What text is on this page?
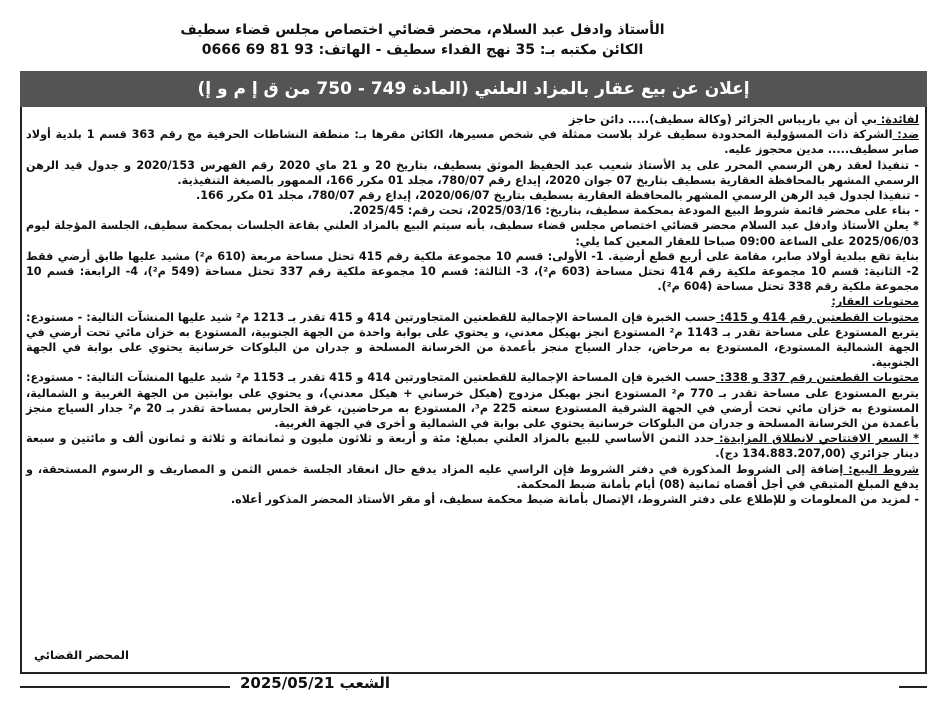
الأستاذ وادفل عبد السلام، محضر قضائي اختصاص مجلس قضاء سطيف
الكائن مكتبه بـ: 35 نهج الفداء سطيف - الهاتف: 93 81 69 0666
إعلان عن بيع عقار بالمزاد العلني (المادة 749 - 750 من ق إ م و إ)

لفائدة: بي أن بي باريباس الجزائر (وكالة سطيف)..... دائن حاجز

ضد: الشركة ذات المسؤولية المحدودة سطيف غرلد بلاست ممثلة في شخص مسيرها، الكائن مقرها بـ: منطقة النشاطات الحرفية مج رقم 363 قسم 1 بلدية أولاد صابر سطيف..... مدين محجوز عليه.

- تنفيذا لعقد رهن الرسمي المحرر على يد الأستاذ شعيب عبد الحفيظ الموثق بسطيف، بتاريخ 20 و 21 ماي 2020 رقم الفهرس 2020/153 و جدول قيد الرهن الرسمي المشهر بالمحافظة العقارية بسطيف بتاريخ 07 جوان 2020، إيداع رقم 780/07، مجلد 01 مكرر 166، الممهور بالصيغة التنفيذية.

- تنفيذا لجدول قيد الرهن الرسمي المشهر بالمحافظة العقارية بسطيف بتاريخ 2020/06/07، إيداع رقم 780/07، مجلد 01 مكرر 166.

- بناء على محضر قائمة شروط البيع المودعة بمحكمة سطيف، بتاريخ: 2025/03/16، تحت رقم: 2025/45.

* يعلن الأستاذ وادفل عبد السلام محضر قضائي اختصاص مجلس قضاء سطيف، بأنه سيتم البيع بالمزاد العلني بقاعة الجلسات بمحكمة سطيف، الجلسة المؤجلة ليوم 2025/06/03 على الساعة 09:00 صباحا للعقار المعين كما يلي:

بناية تقع ببلدية أولاد صابر، مقامة على أربع قطع أرضية. 1- الأولى: قسم 10 مجموعة ملكية رقم 415 تحتل مساحة مربعة (610 م²) مشيد عليها طابق أرضي فقط 2- الثانية: قسم 10 مجموعة ملكية رقم 414 تحتل مساحة (603 م²)، 3- الثالثة: قسم 10 مجموعة ملكية رقم 337 تحتل مساحة (549 م²)، 4- الرابعة: قسم 10 مجموعة ملكية رقم 338 تحتل مساحة (604 م²).

محتويات العقار:

محتويات القطعتين رقم 414 و 415: حسب الخبرة فإن المساحة الإجمالية للقطعتين المتجاورتين 414 و 415 تقدر بـ 1213 م² شيد عليها المنشآت التالية: - مستودع: يتربع المستودع على مساحة تقدر بـ 1143 م² المستودع انجز بهيكل معدني، و يحتوي على بوابة واحدة من الجهة الجنوبية، المستودع به خزان مائي تحت أرضي في الجهة الشمالية المستودع، المستودع به مرحاض، جدار السياج منجز بأعمدة من الخرسانة المسلحة و جدران من البلوكات خرسانية يحتوي على بوابة في الجهة الجنوبية.

محتويات القطعتين رقم 337 و 338: حسب الخبرة فإن المساحة الإجمالية للقطعتين المتجاورتين 414 و 415 تقدر بـ 1153 م² شيد عليها المنشآت التالية: - مستودع: يتربع المستودع على مساحة تقدر بـ 770 م² المستودع انجز بهيكل مزدوج (هيكل خرساني + هيكل معدني)، و يحتوي على بوابتين من الجهة الغربية و الشمالية، المستودع به خزان مائي تحت أرضي في الجهة الشرقية المستودع سعته 225 م³، المستودع به مرحاضين، غرفة الحارس بمساحة تقدر بـ 20 م² جدار السياج منجز بأعمدة من الخرسانة المسلحة و جدران من البلوكات خرسانية يحتوي على بوابة في الشمالية و أخرى في الجهة الغربية.

* السعر الافتتاحي لانطلاق المزايدة: حدد الثمن الأساسي للبيع بالمزاد العلني بمبلغ: مئة و أربعة و ثلاثون مليون و ثمانمائة و ثلاثة و ثمانون ألف و مائتين و سبعة دينار جزائري (134.883.207,00 دج).

شروط البيع: إضافة إلى الشروط المذكورة في دفتر الشروط فإن الراسي عليه المزاد يدفع حال انعقاد الجلسة خمس الثمن و المصاريف و الرسوم المستحقة، و يدفع المبلغ المتبقي في أجل أقصاه ثمانية (08) أيام بأمانة ضبط المحكمة.

- لمزيد من المعلومات و للإطلاع على دفتر الشروط، الإتصال بأمانة ضبط محكمة سطيف، أو مقر الأستاذ المحضر المذكور أعلاه.

المحضر القضائي
الشعب 2025/05/21
